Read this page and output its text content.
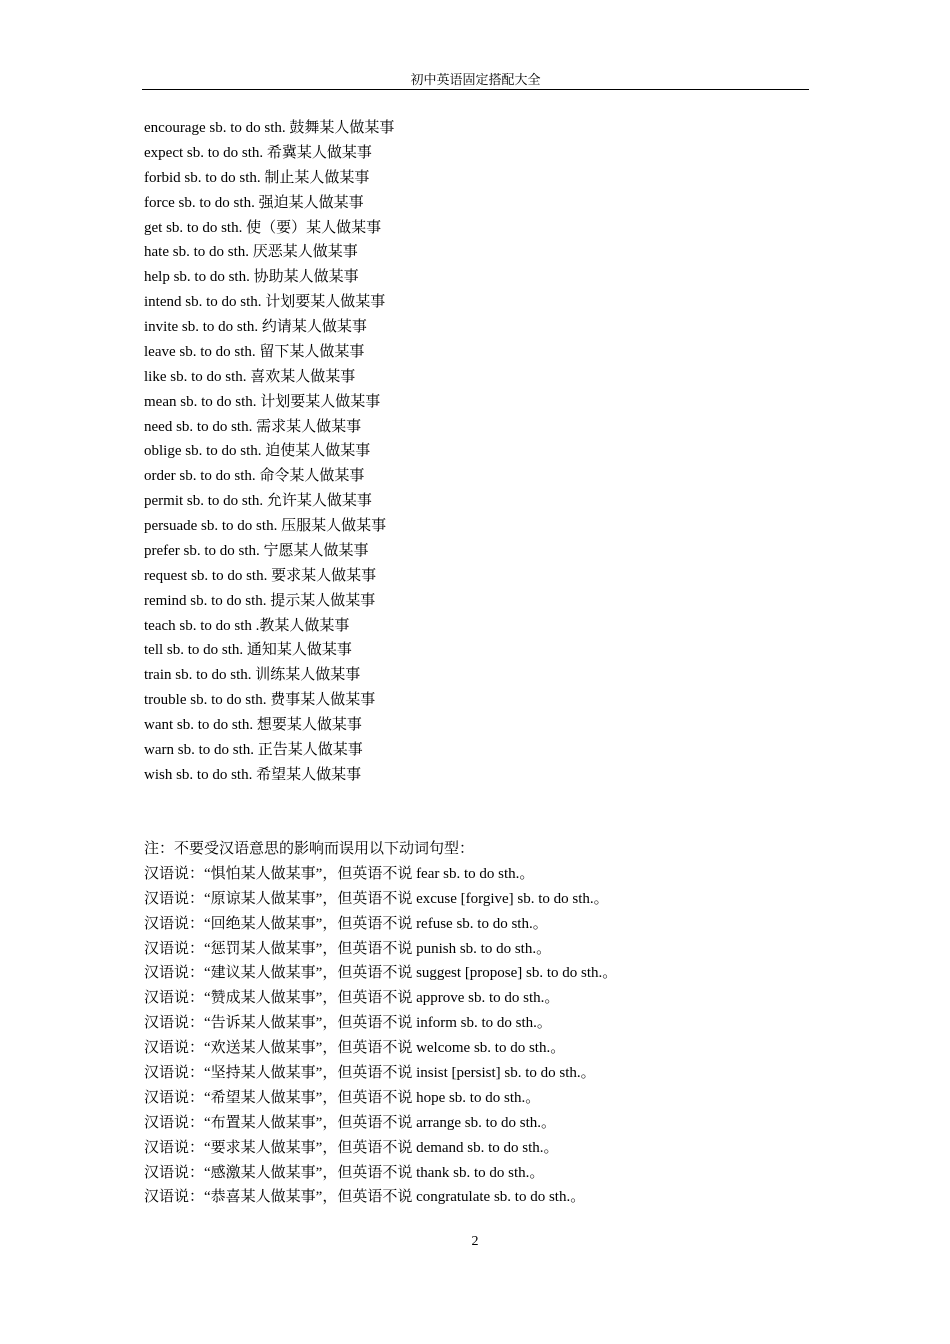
初中英语固定搭配大全
encourage sb. to do sth. 鼓舞某人做某事
expect sb. to do sth. 希冀某人做某事
forbid sb. to do sth. 制止某人做某事
force sb. to do sth. 强迫某人做某事
get sb. to do sth. 使（要）某人做某事
hate sb. to do sth. 厌恶某人做某事
help sb. to do sth. 协助某人做某事
intend sb. to do sth. 计划要某人做某事
invite sb. to do sth. 约请某人做某事
leave sb. to do sth. 留下某人做某事
like sb. to do sth. 喜欢某人做某事
mean sb. to do sth. 计划要某人做某事
need sb. to do sth. 需求某人做某事
oblige sb. to do sth. 迫使某人做某事
order sb. to do sth. 命令某人做某事
permit sb. to do sth. 允许某人做某事
persuade sb. to do sth. 压服某人做某事
prefer sb. to do sth. 宁愿某人做某事
request sb. to do sth. 要求某人做某事
remind sb. to do sth. 提示某人做某事
teach sb. to do sth .教某人做某事
tell sb. to do sth. 通知某人做某事
train sb. to do sth. 训练某人做某事
trouble sb. to do sth. 费事某人做某事
want sb. to do sth. 想要某人做某事
warn sb. to do sth. 正告某人做某事
wish sb. to do sth. 希望某人做某事
注：不要受汉语意思的影响而误用以下动词句型：
汉语说：“惧怕某人做某事”，但英语不说 fear sb. to do sth.。
汉语说：“原谅某人做某事”，但英语不说 excuse [forgive] sb. to do sth.。
汉语说：“回绝某人做某事”，但英语不说 refuse sb. to do sth.。
汉语说：“惩罚某人做某事”，但英语不说 punish sb. to do sth.。
汉语说：“建议某人做某事”，但英语不说 suggest [propose] sb. to do sth.。
汉语说：“赞成某人做某事”，但英语不说 approve sb. to do sth.。
汉语说：“告诉某人做某事”，但英语不说 inform sb. to do sth.。
汉语说：“欢送某人做某事”，但英语不说 welcome sb. to do sth.。
汉语说：“坚持某人做某事”，但英语不说 insist [persist] sb. to do sth.。
汉语说：“希望某人做某事”，但英语不说 hope sb. to do sth.。
汉语说：“布置某人做某事”，但英语不说 arrange sb. to do sth.。
汉语说：“要求某人做某事”，但英语不说 demand sb. to do sth.。
汉语说：“感激某人做某事”，但英语不说 thank sb. to do sth.。
汉语说：“恭喜某人做某事”，但英语不说 congratulate sb. to do sth.。
2
